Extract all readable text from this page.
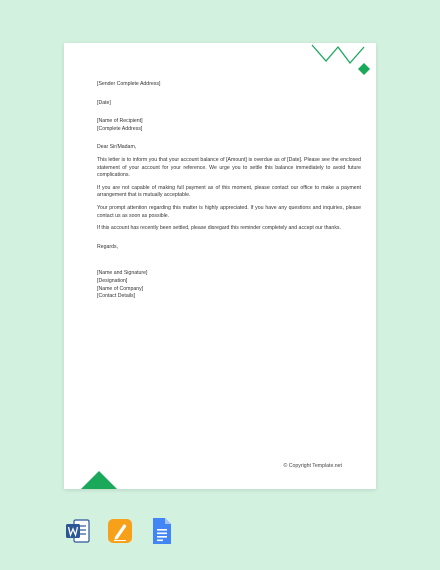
[Sender Complete Address]

[Date]

[Name of Recipient]

[Complete Address]

Dear Sir/Madam,

This letter is to inform you that your account balance of [Amount] is overdue as of [Date]. Please see the enclosed statement of your account for your reference. We urge you to settle this balance immediately to avoid future complications.

If you are not capable of making full payment as of this moment, please contact our office to make a payment arrangement that is mutually acceptable.

Your prompt attention regarding this matter is highly appreciated. If you have any questions and inquiries, please contact us as soon as possible.

If this account has recently been settled, please disregard this reminder completely and accept our thanks.

Regards,

[Name and Signature]

[Designation]

[Name of Company]

[Contact Details]

© Copyright Template.net
